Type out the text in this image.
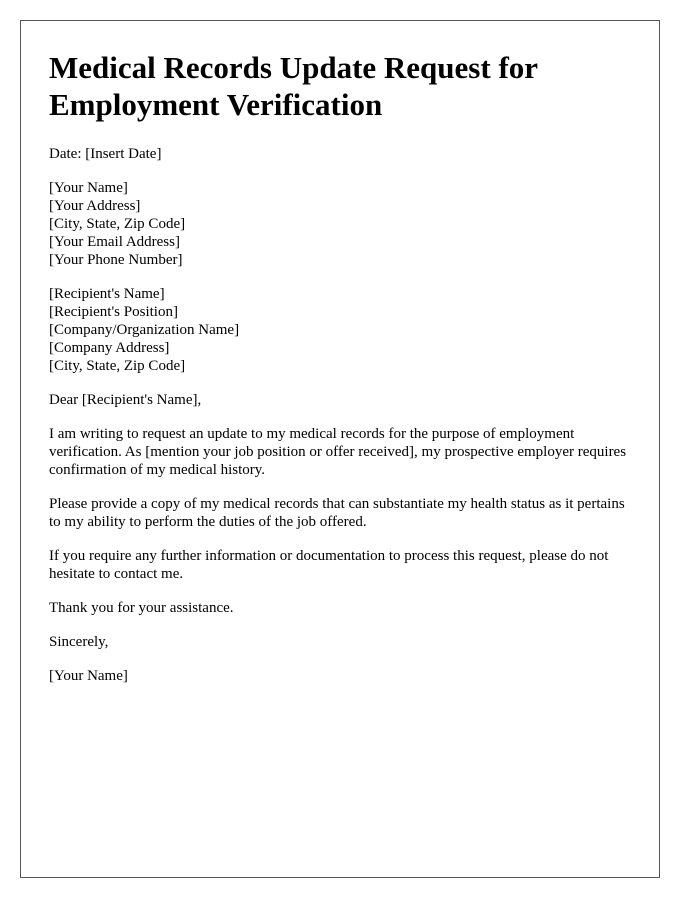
Medical Records Update Request for Employment Verification

Date: [Insert Date]

[Your Name]

[Your Address]

[City, State, Zip Code]

[Your Email Address]

[Your Phone Number]

[Recipient's Name]

[Recipient's Position]

[Company/Organization Name]

[Company Address]

[City, State, Zip Code]

Dear [Recipient's Name],

I am writing to request an update to my medical records for the purpose of employment verification. As [mention your job position or offer received], my prospective employer requires confirmation of my medical history.

Please provide a copy of my medical records that can substantiate my health status as it pertains to my ability to perform the duties of the job offered.

If you require any further information or documentation to process this request, please do not hesitate to contact me.

Thank you for your assistance.

Sincerely,

[Your Name]
